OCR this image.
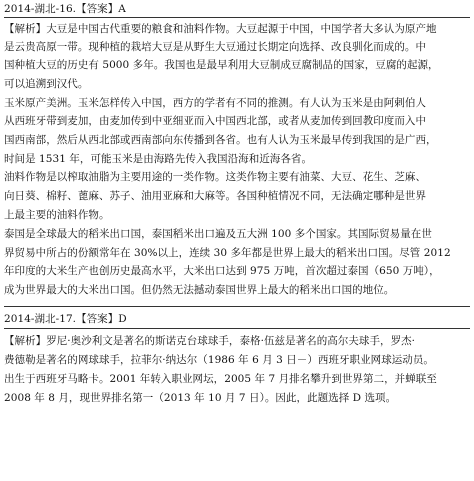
2014-湖北-16.【答案】A
【解析】大豆是中国古代重要的粮食和油料作物。大豆起源于中国，中国学者大多认为原产地
是云贵高原一带。现种植的栽培大豆是从野生大豆通过长期定向选择、改良驯化而成的。中
国种植大豆的历史有 5000 多年。我国也是最早利用大豆制成豆腐制品的国家，豆腐的起源，
可以追溯到汉代。
玉米原产美洲。玉米怎样传入中国，西方的学者有不同的推测。有人认为玉米是由阿剌伯人
从西班牙带到麦加，由麦加传到中亚细亚而入中国西北部，或者从麦加传到回教印度而入中
国西南部，然后从西北部或西南部向东传播到各省。也有人认为玉米最早传到我国的是广西，
时间是 1531 年，可能玉米是由海路先传入我国沿海和近海各省。
油料作物是以榨取油脂为主要用途的一类作物。这类作物主要有油菜、大豆、花生、芝麻、
向日葵、棉籽、蓖麻、苏子、油用亚麻和大麻等。各国种植情况不同，无法确定哪种是世界
上最主要的油料作物。
泰国是全球最大的稻米出口国，泰国稻米出口遍及五大洲 100 多个国家。其国际贸易量在世
界贸易中所占的份额常年在 30%以上，连续 30 多年都是世界上最大的稻米出口国。尽管 2012
年印度的大米生产也创历史最高水平，大米出口达到 975 万吨，首次超过泰国（650 万吨），
成为世界最大的大米出口国。但仍然无法撼动泰国世界上最大的稻米出口国的地位。
2014-湖北-17.【答案】D
【解析】罗尼·奥沙利文是著名的斯诺克台球球手，泰格·伍兹是著名的高尔夫球手，罗杰·
费德勒是著名的网球球手，拉菲尔·纳达尔（1986 年 6 月 3 日－）西班牙职业网球运动员。
出生于西班牙马略卡。2001 年转入职业网坛，2005 年 7 月排名攀升到世界第二，并蝉联至
2008 年 8 月，现世界排名第一（2013 年 10 月 7 日）。因此，此题选择 D 选项。
